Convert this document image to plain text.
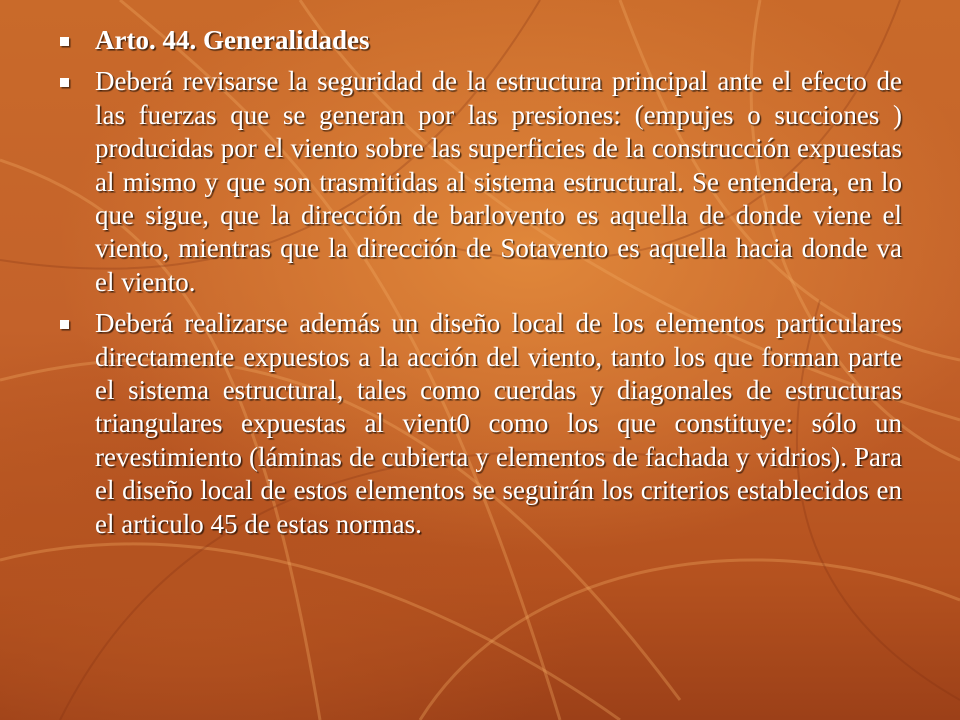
Arto. 44. Generalidades
Deberá revisarse la seguridad de la estructura principal ante el efecto de las fuerzas que se generan por las presiones: (empujes o succiones ) producidas por el viento sobre las superficies de la construcción expuestas al mismo y que son trasmitidas al sistema estructural. Se entendera, en lo que sigue, que la dirección de barlovento es aquella de donde viene el viento, mientras que la dirección de Sotavento es aquella hacia donde va el viento.
Deberá realizarse además un diseño local de los elementos particulares directamente expuestos a la acción del viento, tanto los que forman parte el sistema estructural, tales como cuerdas y diagonales de estructuras triangulares expuestas al vient0 como los que constituye: sólo un revestimiento (láminas de cubierta y elementos de fachada y vidrios). Para el diseño local de estos elementos se seguirán los criterios establecidos en el articulo 45 de estas normas.
